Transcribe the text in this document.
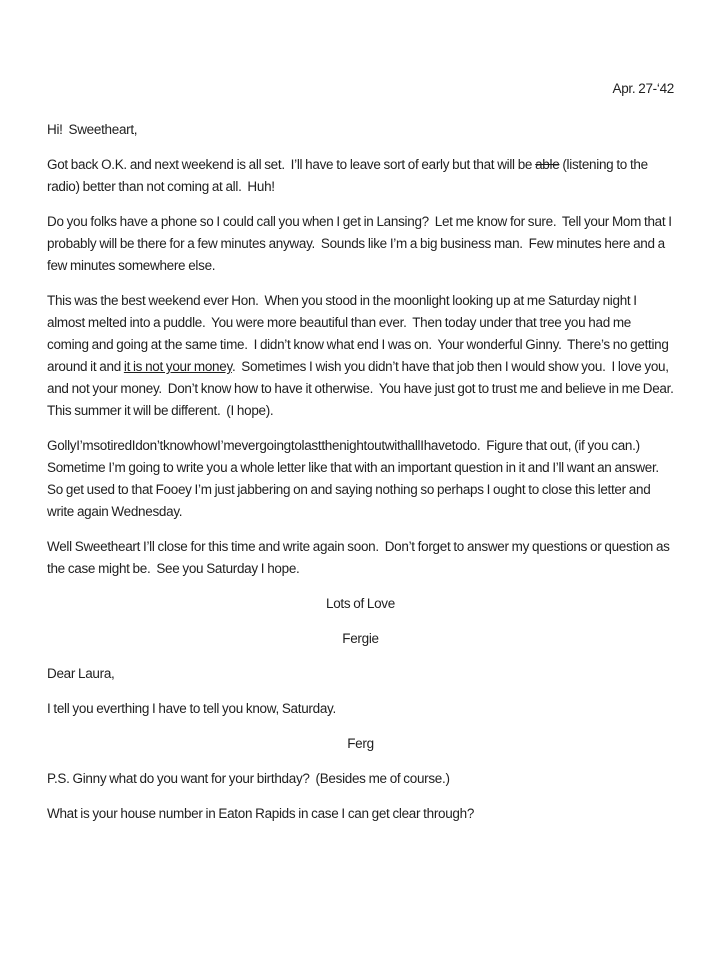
Apr. 27-‘42

Hi!  Sweetheart,

Got back O.K. and next weekend is all set.  I’ll have to leave sort of early but that will be able (listening to the radio) better than not coming at all.  Huh!

Do you folks have a phone so I could call you when I get in Lansing?  Let me know for sure.  Tell your Mom that I probably will be there for a few minutes anyway.  Sounds like I’m a big business man.  Few minutes here and a few minutes somewhere else.

This was the best weekend ever Hon.  When you stood in the moonlight looking up at me Saturday night I almost melted into a puddle.  You were more beautiful than ever.  Then today under that tree you had me coming and going at the same time.  I didn’t know what end I was on.  Your wonderful Ginny.  There’s no getting around it and it is not your money.  Sometimes I wish you didn’t have that job then I would show you.  I love you, and not your money.  Don’t know how to have it otherwise.  You have just got to trust me and believe in me Dear.  This summer it will be different.  (I hope).

GollyI’msotiredIdon’tknowhowI’mevergoingtolastthenightoutwithallIhavetodo.  Figure that out, (if you can.)  Sometime I’m going to write you a whole letter like that with an important question in it and I’ll want an answer.  So get used to that Fooey I’m just jabbering on and saying nothing so perhaps I ought to close this letter and write again Wednesday.

Well Sweetheart I’ll close for this time and write again soon.  Don’t forget to answer my questions or question as the case might be.  See you Saturday I hope.

Lots of Love

Fergie

Dear Laura,

I tell you everthing I have to tell you know, Saturday.

Ferg

P.S. Ginny what do you want for your birthday?  (Besides me of course.)

What is your house number in Eaton Rapids in case I can get clear through?
